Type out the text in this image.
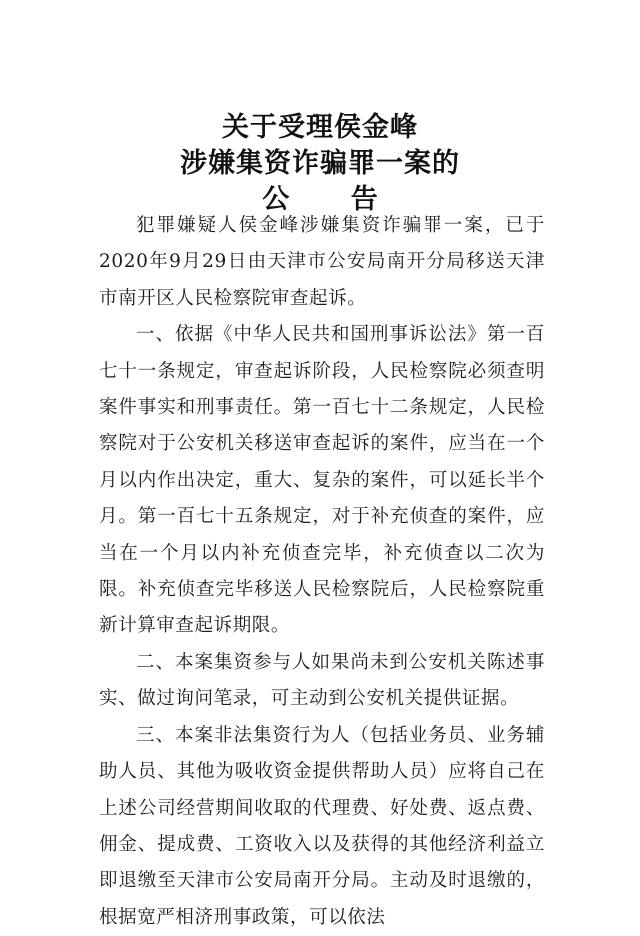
关于受理侯金峰
涉嫌集资诈骗罪一案的
公 告

犯罪嫌疑人侯金峰涉嫌集资诈骗罪一案，已于2020年9月29日由天津市公安局南开分局移送天津市南开区人民检察院审查起诉。

一、依据《中华人民共和国刑事诉讼法》第一百七十一条规定，审查起诉阶段，人民检察院必须查明案件事实和刑事责任。第一百七十二条规定，人民检察院对于公安机关移送审查起诉的案件，应当在一个月以内作出决定，重大、复杂的案件，可以延长半个月。第一百七十五条规定，对于补充侦查的案件，应当在一个月以内补充侦查完毕，补充侦查以二次为限。补充侦查完毕移送人民检察院后，人民检察院重新计算审查起诉期限。

二、本案集资参与人如果尚未到公安机关陈述事实、做过询问笔录，可主动到公安机关提供证据。

三、本案非法集资行为人（包括业务员、业务辅助人员、其他为吸收资金提供帮助人员）应将自己在上述公司经营期间收取的代理费、好处费、返点费、佣金、提成费、工资收入以及获得的其他经济利益立即退缴至天津市公安局南开分局。主动及时退缴的，根据宽严相济刑事政策，可以依法
